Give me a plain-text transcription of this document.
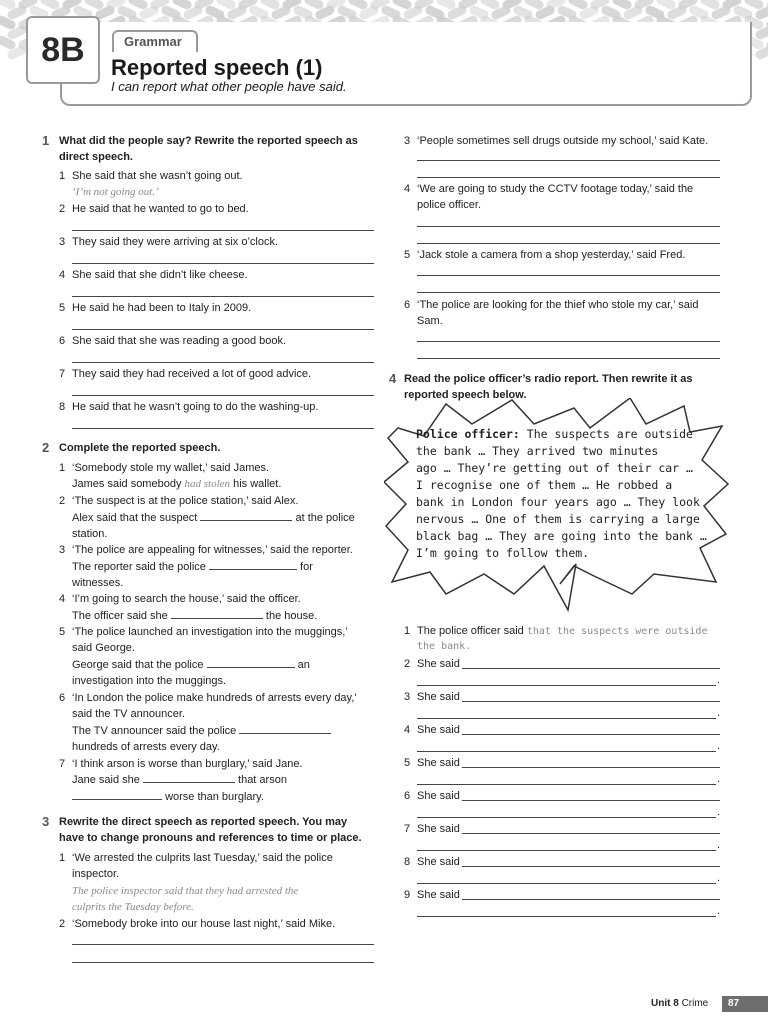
Grammar
8B Reported speech (1)
I can report what other people have said.
1 What did the people say? Rewrite the reported speech as
direct speech.
1 She said that she wasn’t going out.
‘I’m not going out.’
2 He said that he wanted to go to bed.
3 They said they were arriving at six o’clock.
4 She said that she didn’t like cheese.
5 He said he had been to Italy in 2009.
6 She said that she was reading a good book.
7 They said they had received a lot of good advice.
8 He said that he wasn’t going to do the washing-up.
2 Complete the reported speech.
1 ‘Somebody stole my wallet,’ said James.
James said somebody had stolen his wallet.
2 ‘The suspect is at the police station,’ said Alex.
Alex said that the suspect	at the police
station.
3 ‘The police are appealing for witnesses,’ said the reporter.
The reporter said the police	for
witnesses.
4 ‘I’m going to search the house,’ said the officer.
The officer said she	the house.
5 ‘The police launched an investigation into the muggings,’
said George.
George said that the police	an
investigation into the muggings.
6 ‘In London the police make hundreds of arrests every day,’
said the TV announcer.
The TV announcer said the police
hundreds of arrests every day.
7 ‘I think arson is worse than burglary,’ said Jane.
Jane said she	that arson
worse than burglary.
3 Rewrite the direct speech as reported speech. You may
have to change pronouns and references to time or place.
1 ‘We arrested the culprits last Tuesday,’ said the police
inspector.
The police inspector said that they had arrested the
culprits the Tuesday before.
2 ‘Somebody broke into our house last night,’ said Mike.
3 ‘People sometimes sell drugs outside my school,’ said Kate.
4 ‘We are going to study the CCTV footage today,’ said the
police officer.
5 ‘Jack stole a camera from a shop yesterday,’ said Fred.
6 ‘The police are looking for the thief who stole my car,’ said
Sam.
4 Read the police officer’s radio report. Then rewrite it as
reported speech below.
Police officer: The suspects are outside
the bank … They arrived two minutes
ago … They’re getting out of their car …
I recognise one of them … He robbed a
bank in London four years ago … They look
nervous … One of them is carrying a large
black bag … They are going into the bank …
I’m going to follow them.
1 The police officer said that the suspects were outside
the bank.
2 She said
.
3 She said
.
4 She said
.
5 She said
.
6 She said
.
7 She said
.
8 She said
.
9 She said
.
Unit 8 Crime	87
